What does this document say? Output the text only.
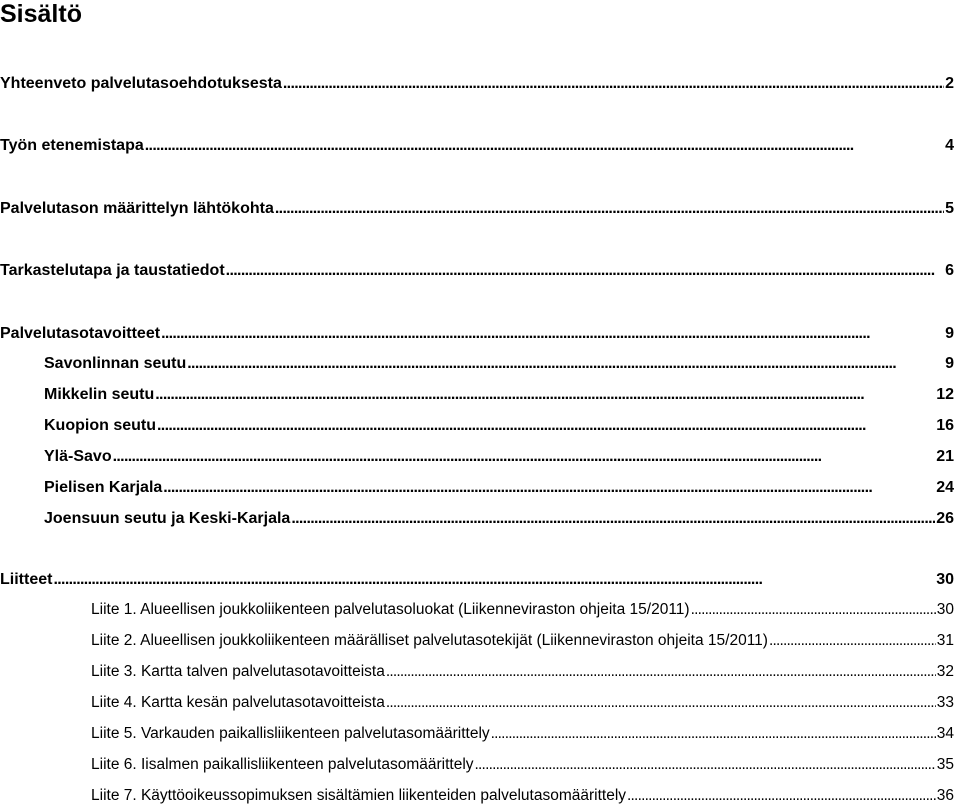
Sisältö
Yhteenveto palvelutasoehdotuksesta . . .	2
Työn etenemistapa . . .	4
Palvelutason määrittelyn lähtökohta . . .	5
Tarkastelutapa ja taustatiedot . . .	6
Palvelutasotavoitteet . . .	9
Savonlinnan seutu . . .	9
Mikkelin seutu . . .	12
Kuopion seutu . . .	16
Ylä-Savo . . .	21
Pielisen Karjala . . .	24
Joensuun seutu ja Keski-Karjala . . .	26
Liitteet . . .	30
Liite 1. Alueellisen joukkoliikenteen palvelutasoluokat (Liikenneviraston ohjeita 15/2011) . . .	30
Liite 2. Alueellisen joukkoliikenteen määrälliset palvelutasotekijät (Liikenneviraston ohjeita 15/2011) . . .	31
Liite 3. Kartta talven palvelutasotavoitteista . . .	32
Liite 4. Kartta kesän palvelutasotavoitteista . . .	33
Liite 5. Varkauden paikallisliikenteen palvelutasomäärittely . . .	34
Liite 6. Iisalmen paikallisliikenteen palvelutasomäärittely . . .	35
Liite 7. Käyttöoikeussopimuksen sisältämien liikenteiden palvelutasomäärittely . . .	36
